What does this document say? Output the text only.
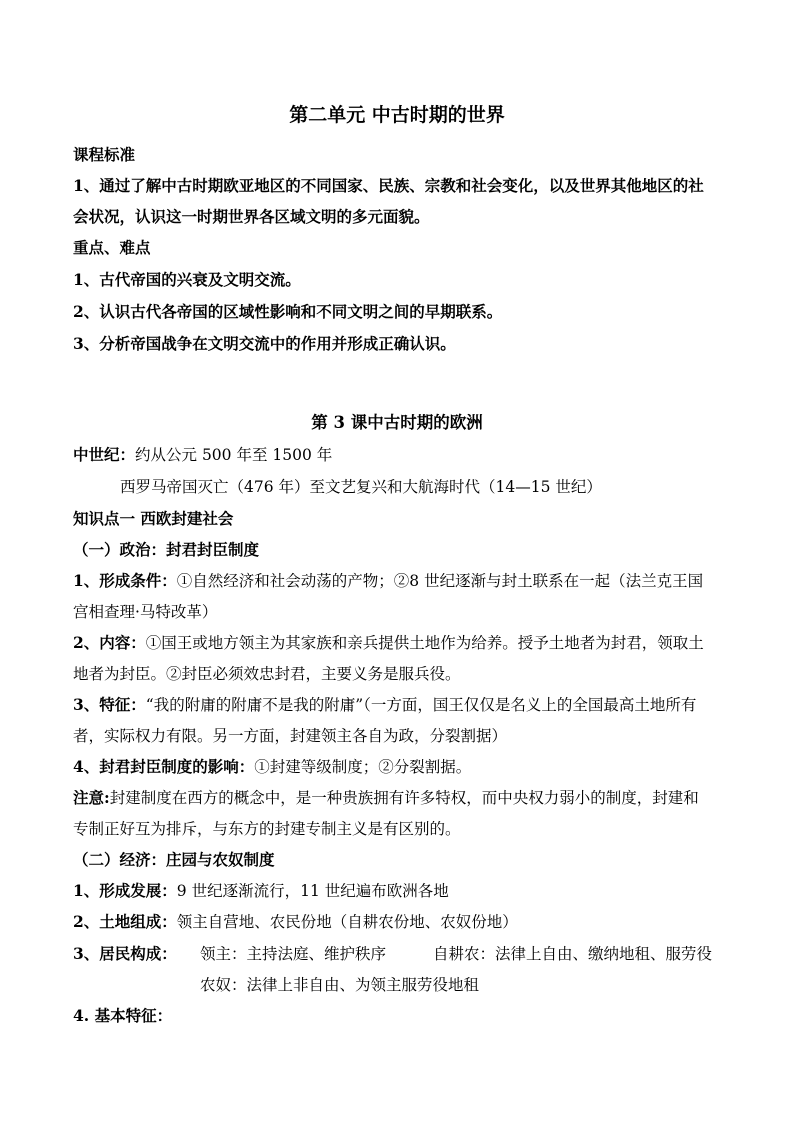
第二单元 中古时期的世界
课程标准
1、通过了解中古时期欧亚地区的不同国家、民族、宗教和社会变化，以及世界其他地区的社
会状况，认识这一时期世界各区域文明的多元面貌。
重点、难点
1、古代帝国的兴衰及文明交流。
2、认识古代各帝国的区域性影响和不同文明之间的早期联系。
3、分析帝国战争在文明交流中的作用并形成正确认识。
第 3 课中古时期的欧洲
中世纪：约从公元 500 年至 1500 年
西罗马帝国灭亡（476 年）至文艺复兴和大航海时代（14—15 世纪）
知识点一 西欧封建社会
（一）政治：封君封臣制度
1、形成条件：①自然经济和社会动荡的产物；②8 世纪逐渐与封土联系在一起（法兰克王国
宫相查理·马特改革）
2、内容：①国王或地方领主为其家族和亲兵提供土地作为给养。授予土地者为封君，领取土
地者为封臣。②封臣必须效忠封君，主要义务是服兵役。
3、特征：“我的附庸的附庸不是我的附庸”（一方面，国王仅仅是名义上的全国最高土地所有
者，实际权力有限。另一方面，封建领主各自为政，分裂割据）
4、封君封臣制度的影响：①封建等级制度；②分裂割据。
注意:封建制度在西方的概念中，是一种贵族拥有许多特权，而中央权力弱小的制度，封建和
专制正好互为排斥，与东方的封建专制主义是有区别的。
（二）经济：庄园与农奴制度
1、形成发展：9 世纪逐渐流行，11 世纪遍布欧洲各地
2、土地组成：领主自营地、农民份地（自耕农份地、农奴份地）
3、居民构成：	领主：主持法庭、维护秩序	自耕农：法律上自由、缴纳地租、服劳役
农奴：法律上非自由、为领主服劳役地租
4. 基本特征：
